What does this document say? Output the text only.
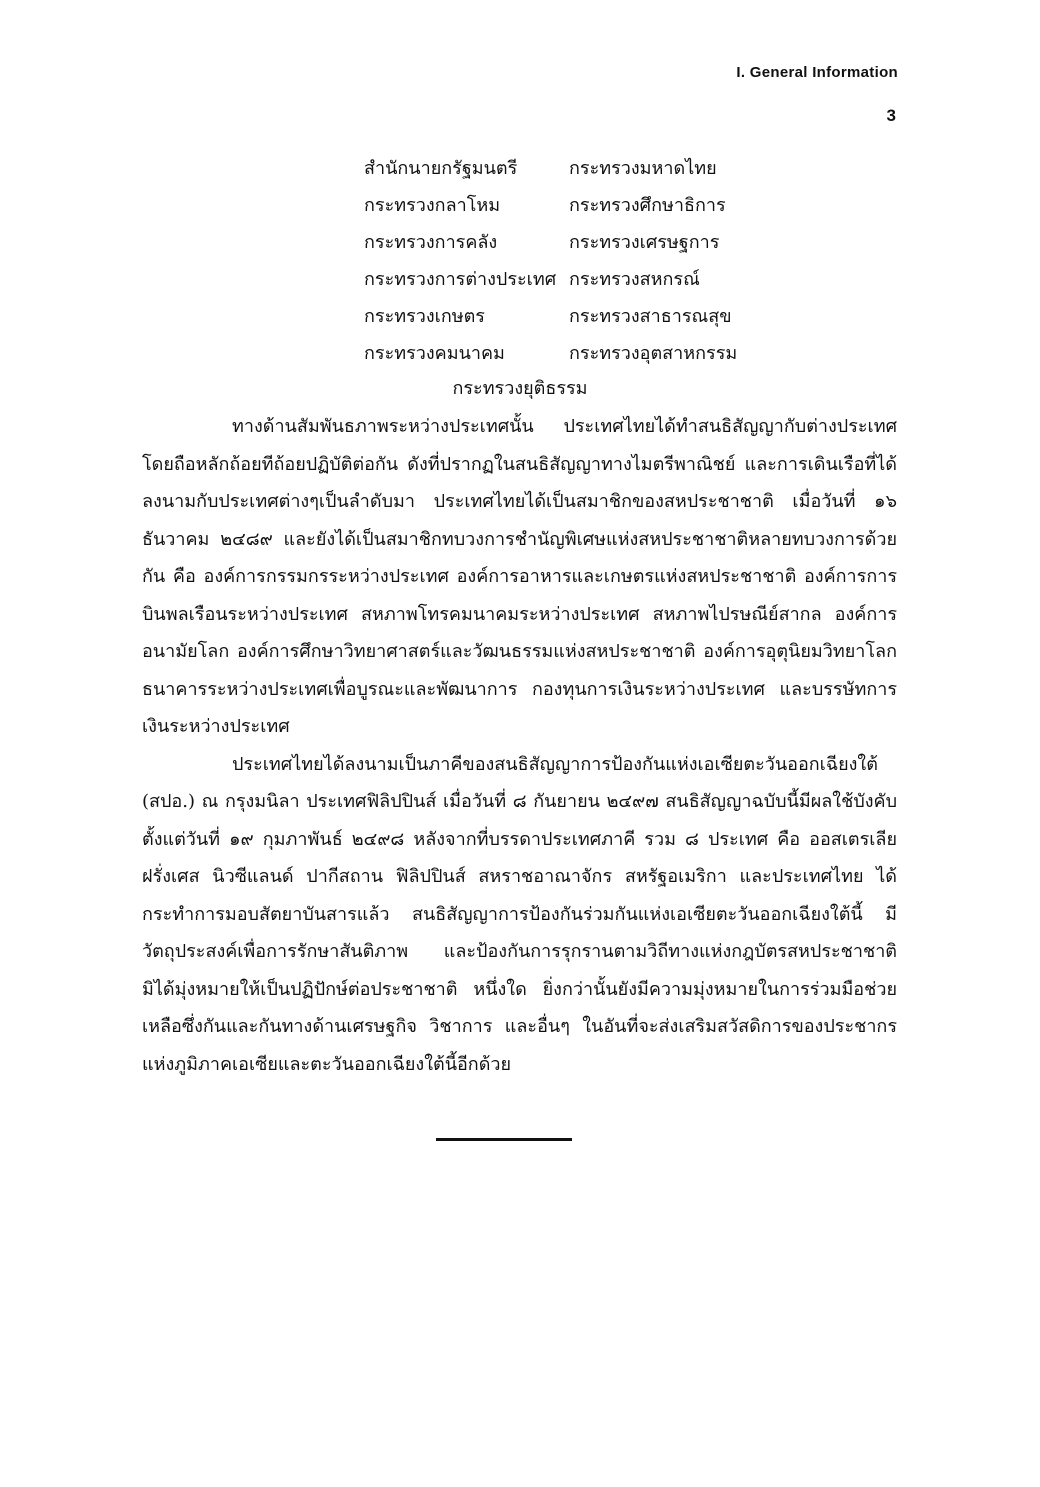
I. General Information
3
สำนักนายกรัฐมนตรี	กระทรวงมหาดไทย
กระทรวงกลาโหม	กระทรวงศึกษาธิการ
กระทรวงการคลัง	กระทรวงเศรษฐการ
กระทรวงการต่างประเทศ กระทรวงสหกรณ์
กระทรวงเกษตร	กระทรวงสาธารณสุข
กระทรวงคมนาคม	กระทรวงอุตสาหกรรม
กระทรวงยุติธรรม

ทางด้านสัมพันธภาพระหว่างประเทศนั้น ประเทศไทยได้ทำสนธิสัญญากับต่างประเทศโดยถือหลักถ้อยทีถ้อยปฏิบัติต่อกัน ดังที่ปรากฏในสนธิสัญญาทางไมตรีพาณิชย์ และการเดินเรือที่ได้ลงนามกับประเทศต่างๆเป็นลำดับมา ประเทศไทยได้เป็นสมาชิกของสหประชาชาติ เมื่อวันที่ ๑๖ ธันวาคม ๒๔๘๙ และยังได้เป็นสมาชิกทบวงการชำนัญพิเศษแห่งสหประชาชาติหลายทบวงการด้วยกัน คือ องค์การกรรมกรระหว่างประเทศ องค์การอาหารและเกษตรแห่งสหประชาชาติ องค์การการบินพลเรือนระหว่างประเทศ สหภาพโทรคมนาคมระหว่างประเทศ สหภาพไปรษณีย์สากล องค์การอนามัยโลก องค์การศึกษาวิทยาศาสตร์และวัฒนธรรมแห่งสหประชาชาติ องค์การอุตุนิยมวิทยาโลก ธนาคารระหว่างประเทศเพื่อบูรณะและพัฒนาการ กองทุนการเงินระหว่างประเทศ และบรรษัทการเงินระหว่างประเทศ

ประเทศไทยได้ลงนามเป็นภาคีของสนธิสัญญาการป้องกันแห่งเอเซียตะวันออกเฉียงใต้ (สปอ.) ณ กรุงมนิลา ประเทศฟิลิปปินส์ เมื่อวันที่ ๘ กันยายน ๒๔๙๗ สนธิสัญญาฉบับนี้มีผลใช้บังคับตั้งแต่วันที่ ๑๙ กุมภาพันธ์ ๒๔๙๘ หลังจากที่บรรดาประเทศภาคี รวม ๘ ประเทศ คือ ออสเตรเลีย ฝรั่งเศส นิวซีแลนด์ ปากีสถาน ฟิลิปปินส์ สหราชอาณาจักร สหรัฐอเมริกา และประเทศไทย ได้กระทำการมอบสัตยาบันสารแล้ว สนธิสัญญาการป้องกันร่วมกันแห่งเอเซียตะวันออกเฉียงใต้นี้ มีวัตถุประสงค์เพื่อการรักษาสันติภาพ และป้องกันการรุกรานตามวิถีทางแห่งกฎบัตรสหประชาชาติ มิได้มุ่งหมายให้เป็นปฏิปักษ์ต่อประชาชาติ หนึ่งใด ยิ่งกว่านั้นยังมีความมุ่งหมายในการร่วมมือช่วยเหลือซึ่งกันและกันทางด้านเศรษฐกิจ วิชาการ และอื่นๆ ในอันที่จะส่งเสริมสวัสดิการของประชากรแห่งภูมิภาคเอเซียและตะวันออกเฉียงใต้นี้อีกด้วย
